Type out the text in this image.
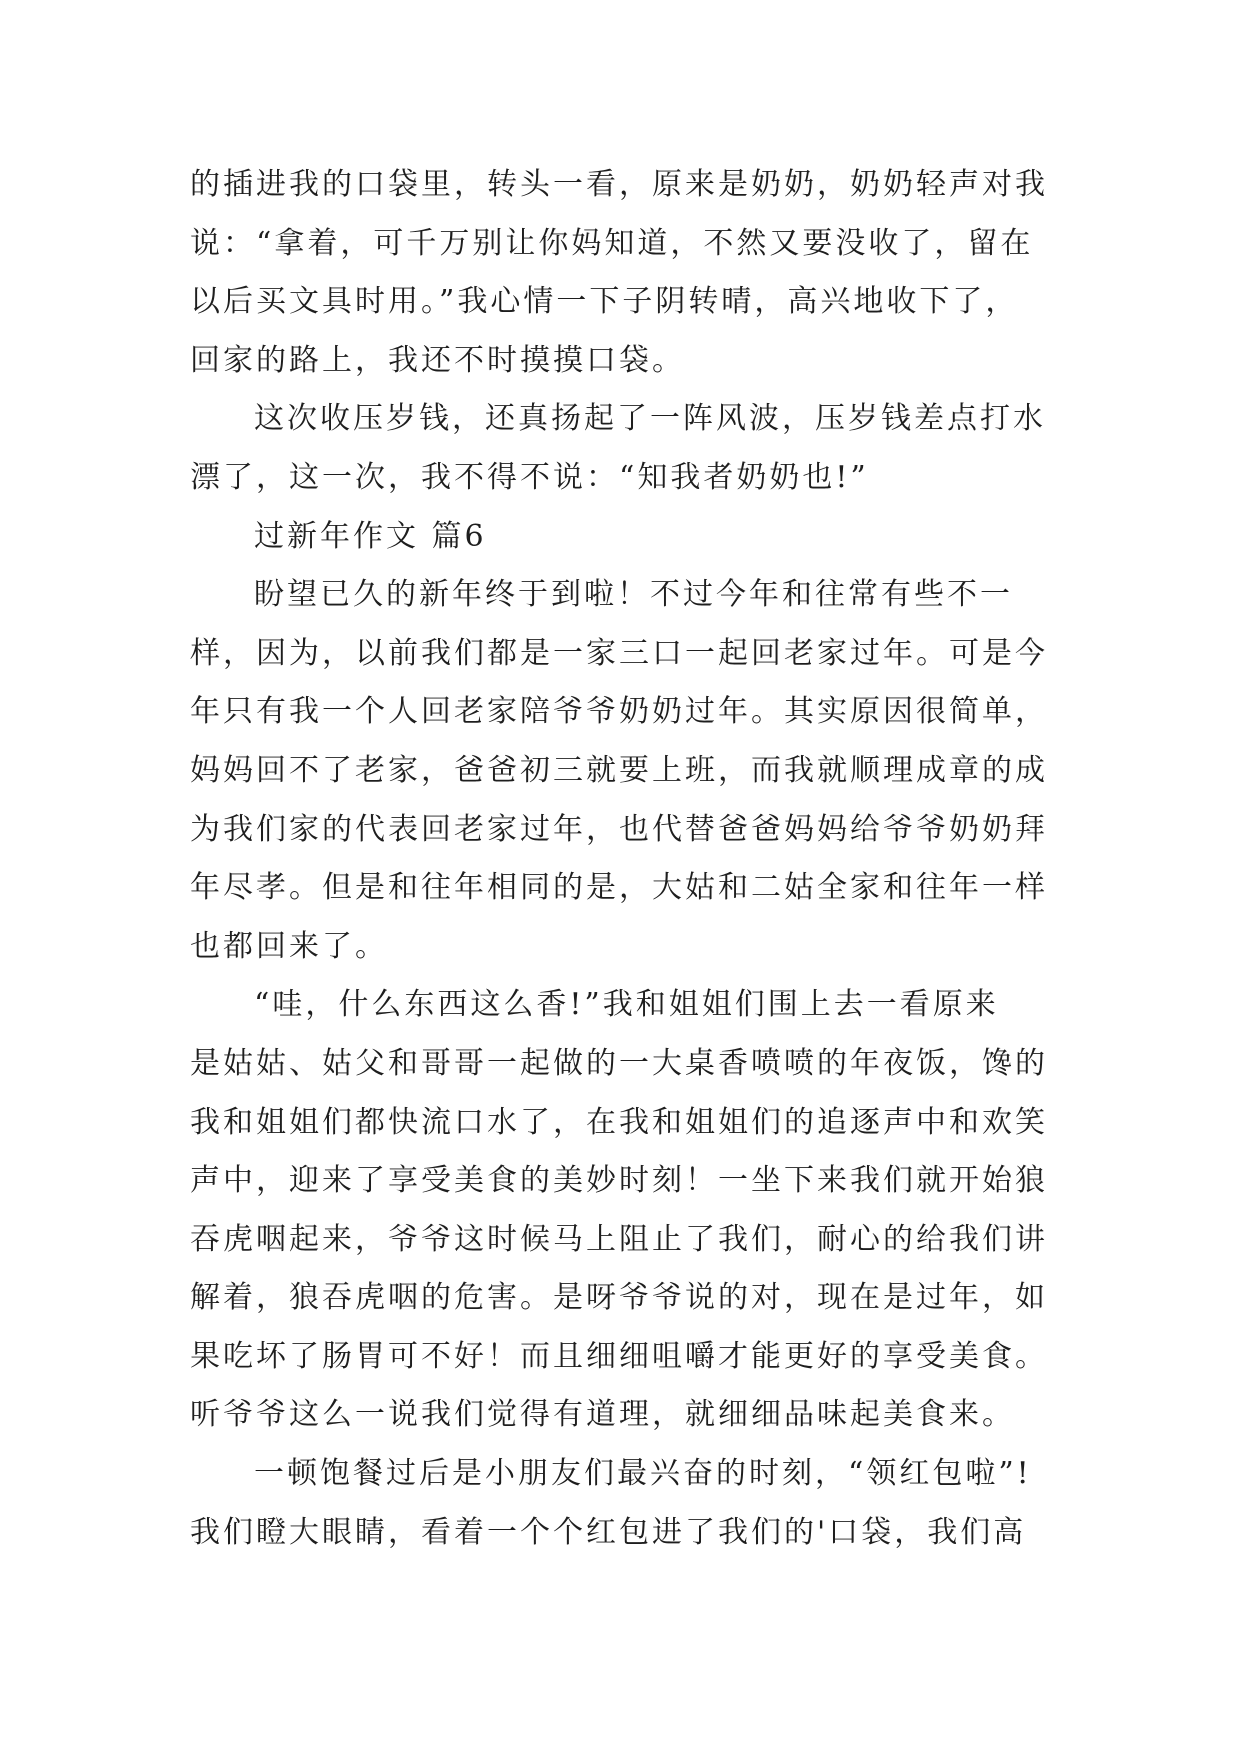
的插进我的口袋里，转头一看，原来是奶奶，奶奶轻声对我
说：“拿着，可千万别让你妈知道，不然又要没收了，留在
以后买文具时用。”我心情一下子阴转晴，高兴地收下了，
回家的路上，我还不时摸摸口袋。
这次收压岁钱，还真扬起了一阵风波，压岁钱差点打水
漂了，这一次，我不得不说：“知我者奶奶也!”
过新年作文 篇6
盼望已久的新年终于到啦！不过今年和往常有些不一
样，因为，以前我们都是一家三口一起回老家过年。可是今
年只有我一个人回老家陪爷爷奶奶过年。其实原因很简单，
妈妈回不了老家，爸爸初三就要上班，而我就顺理成章的成
为我们家的代表回老家过年，也代替爸爸妈妈给爷爷奶奶拜
年尽孝。但是和往年相同的是，大姑和二姑全家和往年一样
也都回来了。
“哇，什么东西这么香!”我和姐姐们围上去一看原来
是姑姑、姑父和哥哥一起做的一大桌香喷喷的年夜饭，馋的
我和姐姐们都快流口水了，在我和姐姐们的追逐声中和欢笑
声中，迎来了享受美食的美妙时刻！一坐下来我们就开始狼
吞虎咽起来，爷爷这时候马上阻止了我们，耐心的给我们讲
解着，狼吞虎咽的危害。是呀爷爷说的对，现在是过年，如
果吃坏了肠胃可不好！而且细细咀嚼才能更好的享受美食。
听爷爷这么一说我们觉得有道理，就细细品味起美食来。
一顿饱餐过后是小朋友们最兴奋的时刻，“领红包啦”!
我们瞪大眼睛，看着一个个红包进了我们的'口袋，我们高
